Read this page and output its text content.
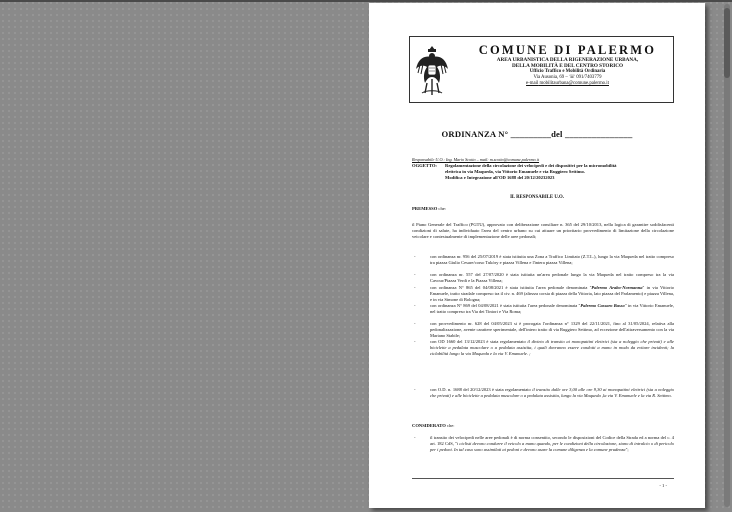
COMUNE DI PALERMO
AREA URBANISTICA DELLA RIGENERAZIONE URBANA,
DELLA MOBILITÀ E DEL CENTRO STORICO
Ufficio Traffico e Mobilità Ordinaria
Via Ausonia, 69 – ☏ 091/7403779
e-mail mobilitaurbana@comune.palermo.it
ORDINANZA N° _________del _______________
Responsabile U.O.: Ing. Mario Scotto – mail: m.scotto@comune.palermo.it
OGGETTO: Regolamentazione della circolazione dei velocipedi e dei dispositivi per la micromobilità
elettrica in via Maqueda, via Vittorio Emanuele e via Ruggiero Settimo.
Modifica e Integrazione all'OD 1688 del 20/12/20232023
IL RESPONSABILE U.O.
PREMESSO che:
il Piano Generale del Traffico (PGTU), approvato con deliberazione consiliare n. 365 del 29/10/2013, nella logica di garantire soddisfacenti condizioni di salute, ha individuato l'area del centro urbano su cui attuare un prioritario provvedimento di limitazione della circolazione veicolare e contestualmente di implementazione delle aree pedonali;
-	con ordinanza nr. 956 del 25/07/2019 è stata istituita una Zona a Traffico Limitato (Z.T.L.), lungo la via Maqueda nel tratto compreso tra piazza Giulio Cesare/corso Tukòry e piazza Villena e l'intera piazza Villena;
-	con ordinanza nr. 557 del 27/07/2020 è stata istituita un'area pedonale lungo la via Maqueda nel tratto compreso tra la via Cavour/Piazza Verdi e la Piazza Villena;
-	con ordinanza N° 865 del 04/08/2021 è stata istituita l'area pedonale denominata "Palermo Arabo-Normanna" in via Vittorio Emanuele, tratto stradale compreso tra il civ. n. 469 (altezza corsia di piazza della Vittoria, lato piazza del Parlamento) e piazza Villena, e in via Simone di Bologna;
-	con ordinanza N° 869 del 04/08/2021 è stata istituita l'area pedonale denominata "Palermo Cassaro Basso" in via Vittorio Emanuele, nel tratto compreso tra Via dei Tintori e Via Roma;
-	con provvedimento nr. 628 del 04/05/2023 si è prorogata l'ordinanza n° 1329 del 22/11/2021, fino al 31/05/2024, relativa alla pedonalizzazione, avente carattere sperimentale, dell'intero tratto di via Ruggiero Settimo, ad eccezione dell'attraversamento con la via Mariano Stabile;
-	con OD 1660 del 13/12/2023 è stata regolamentato il divieto di transito ai monopattini elettrici (sia a noleggio che privati) e alle biciclette a pedalata muscolare o a pedalata assistita, i quali dovranno essere condotti a mano in modo da evitare incidenti; la ciclabilità lungo la via Maqueda e la via V. Emanuele. ;
-	con O.D. n. 1688 del 20/12/2023 è stata regolamentato il transito dalle ore 3,00 alle ore 9,30 ai monopattini elettrici (sia a noleggio che privati) e alle biciclette a pedalata muscolare o a pedalata assistita, lungo la via Maqueda ,la via V. Emanuele e la via R. Settimo.
CONSIDERATO che:
-	il transito dei velocipedi nelle aree pedonali è di norma consentito, secondo le disposizioni del Codice della Strada ed a norma del c. 4 art. 182 CdS, "i ciclisti devono condurre il veicolo a mano quando, per le condizioni della circolazione, siano di intralcio o di pericolo per i pedoni. In tal caso sono assimilati ai pedoni e devono usare la comune diligenza e la comune prudenza";
- 1 -
